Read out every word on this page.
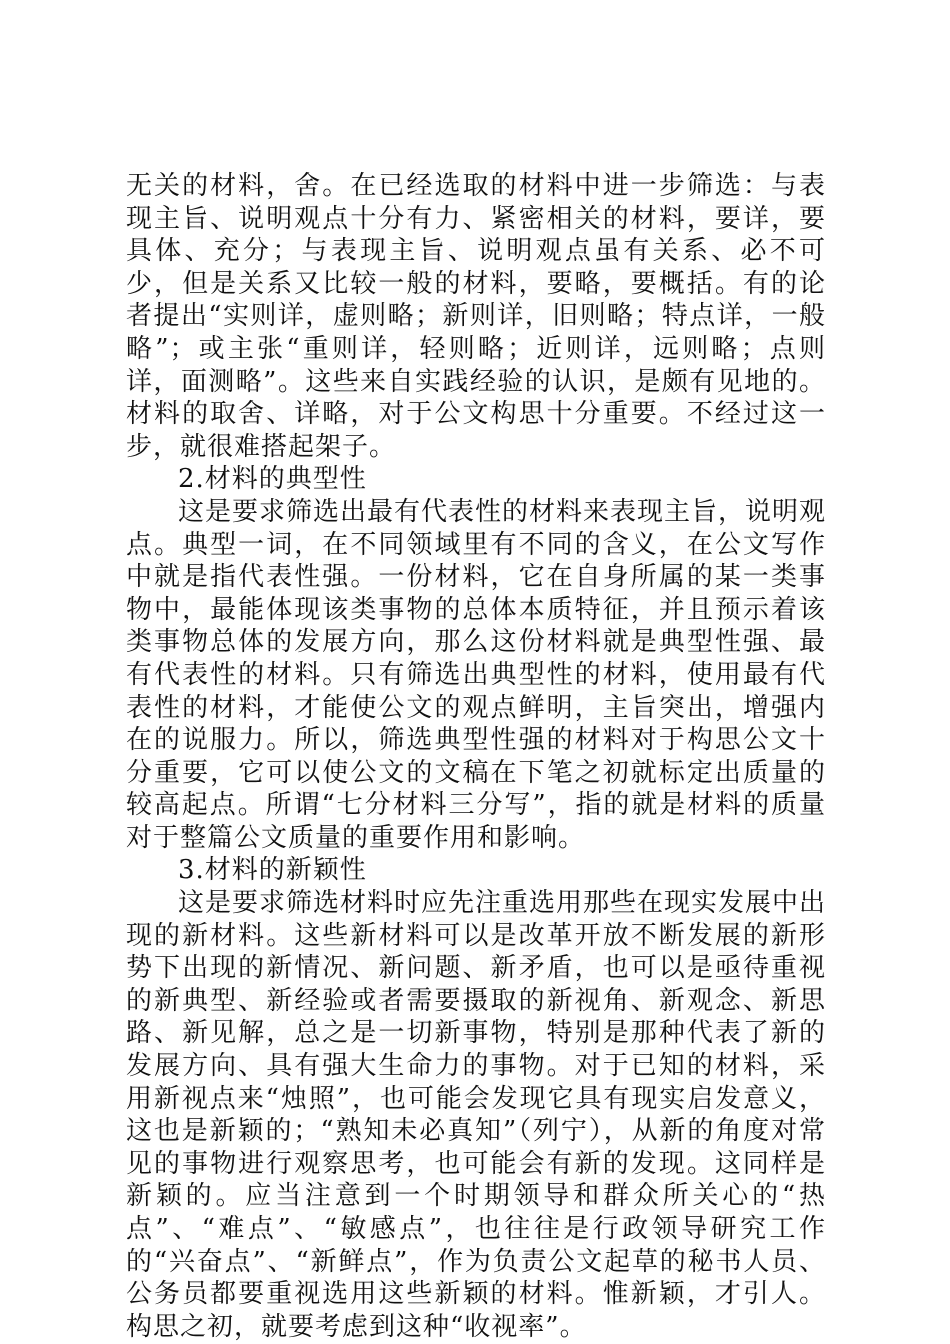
无关的材料，舍。在已经选取的材料中进一步筛选：与表现主旨、说明观点十分有力、紧密相关的材料，要详，要具体、充分；与表现主旨、说明观点虽有关系、必不可少，但是关系又比较一般的材料，要略，要概括。有的论者提出“实则详，虚则略；新则详，旧则略；特点详，一般略”；或主张“重则详，轻则略；近则详，远则略；点则详，面测略”。这些来自实践经验的认识，是颇有见地的。材料的取舍、详略，对于公文构思十分重要。不经过这一步，就很难搭起架子。

2.材料的典型性

这是要求筛选出最有代表性的材料来表现主旨，说明观点。典型一词，在不同领域里有不同的含义，在公文写作中就是指代表性强。一份材料，它在自身所属的某一类事物中，最能体现该类事物的总体本质特征，并且预示着该类事物总体的发展方向，那么这份材料就是典型性强、最有代表性的材料。只有筛选出典型性的材料，使用最有代表性的材料，才能使公文的观点鲜明，主旨突出，增强内在的说服力。所以，筛选典型性强的材料对于构思公文十分重要，它可以使公文的文稿在下笔之初就标定出质量的较高起点。所谓“七分材料三分写”，指的就是材料的质量对于整篇公文质量的重要作用和影响。

3.材料的新颖性

这是要求筛选材料时应先注重选用那些在现实发展中出现的新材料。这些新材料可以是改革开放不断发展的新形势下出现的新情况、新问题、新矛盾，也可以是亟待重视的新典型、新经验或者需要摄取的新视角、新观念、新思路、新见解，总之是一切新事物，特别是那种代表了新的发展方向、具有强大生命力的事物。对于已知的材料，采用新视点来“烛照”，也可能会发现它具有现实启发意义，这也是新颖的；“熟知未必真知”（列宁），从新的角度对常见的事物进行观察思考，也可能会有新的发现。这同样是新颖的。应当注意到一个时期领导和群众所关心的“热点”、“难点”、“敏感点”，也往往是行政领导研究工作的“兴奋点”、“新鲜点”，作为负责公文起草的秘书人员、公务员都要重视选用这些新颖的材料。惟新颖，才引人。构思之初，就要考虑到这种“收视率”。
